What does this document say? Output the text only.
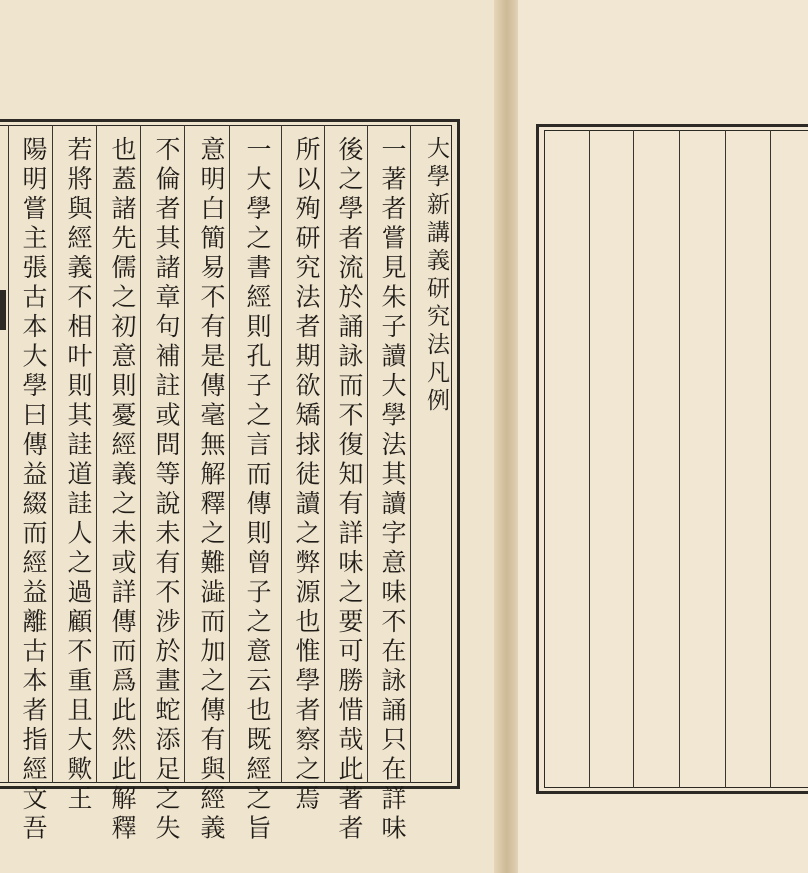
大學新講義研究法凡例
一著者嘗見朱子讀大學法其讀字意味不在詠誦只在詳味
後之學者流於誦詠而不復知有詳味之要可勝惜哉此著者
所以殉研究法者期欲矯捄徒讀之弊源也惟學者察之焉
一大學之書經則孔子之言而傳則曾子之意云也既經之旨
意明白簡易不有是傳毫無解釋之難澁而加之傳有與經義
不倫者其諸章句補註或問等說未有不涉於畫蛇添足之失
也蓋諸先儒之初意則憂經義之未或詳傳而爲此然此解釋
若將與經義不相叶則其詿道詿人之過顧不重且大歟王
陽明嘗主張古本大學曰傳益綴而經益離古本者指經文吾
